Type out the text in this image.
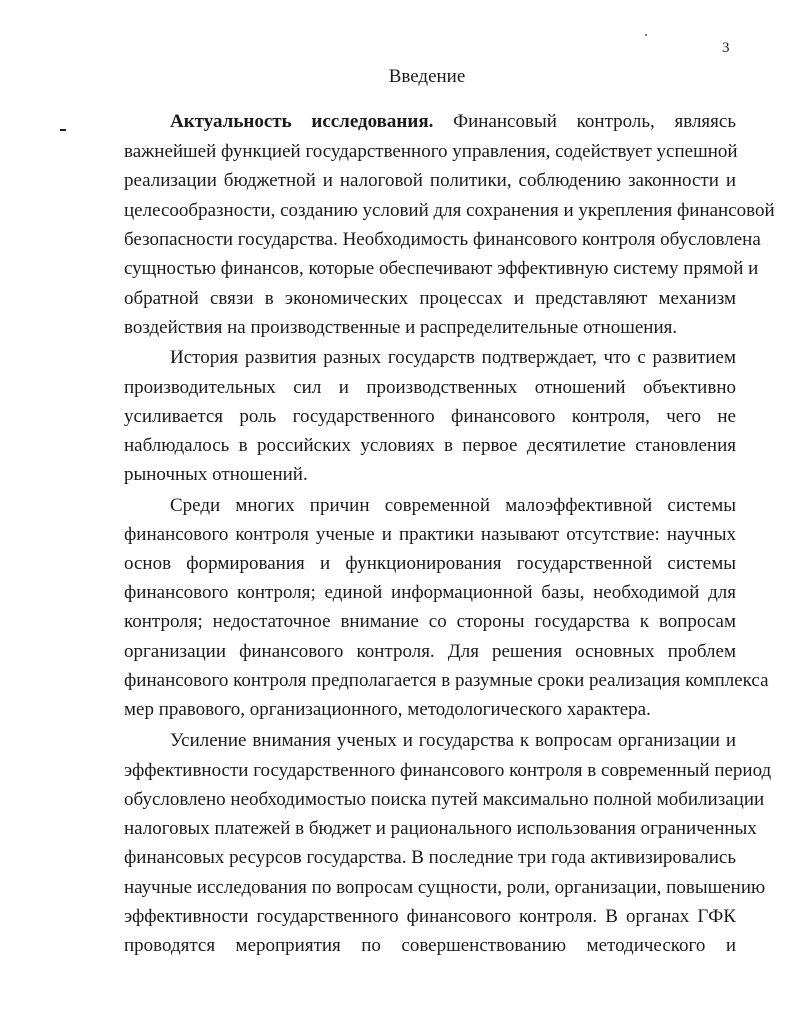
3
Введение
Актуальность исследования. Финансовый контроль, являясь
важнейшей функцией государственного управления, содействует успешной
реализации бюджетной и налоговой политики, соблюдению законности и
целесообразности, созданию условий для сохранения и укрепления финансовой
безопасности государства. Необходимость финансового контроля обусловлена
сущностью финансов, которые обеспечивают эффективную систему прямой и
обратной связи в экономических процессах и представляют механизм
воздействия на производственные и распределительные отношения.
История развития разных государств подтверждает, что с развитием
производительных сил и производственных отношений объективно
усиливается роль государственного финансового контроля, чего не
наблюдалось в российских условиях в первое десятилетие становления
рыночных отношений.
Среди многих причин современной малоэффективной системы
финансового контроля ученые и практики называют отсутствие: научных
основ формирования и функционирования государственной системы
финансового контроля; единой информационной базы, необходимой для
контроля; недостаточное внимание со стороны государства к вопросам
организации финансового контроля. Для решения основных проблем
финансового контроля предполагается в разумные сроки реализация комплекса
мер правового, организационного, методологического характера.
Усиление внимания ученых и государства к вопросам организации и
эффективности государственного финансового контроля в современный период
обусловлено необходимостыо поиска путей максимально полной мобилизации
налоговых платежей в бюджет и рационального использования ограниченных
финансовых ресурсов государства. В последние три года активизировались
научные исследования по вопросам сущности, роли, организации, повышению
эффективности государственного финансового контроля. В органах ГФК
проводятся мероприятия по совершенствованию методического и
